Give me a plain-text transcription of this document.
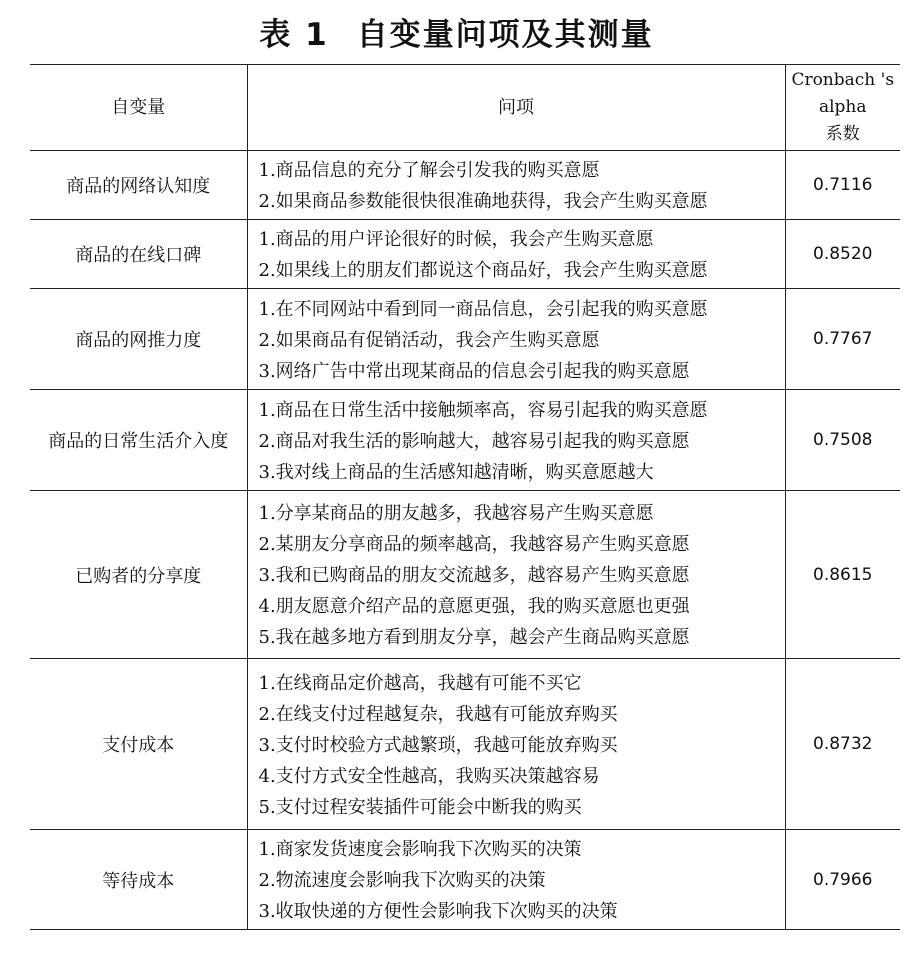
表 1 自变量问项及其测量
自变量	问项	Cronbach 's
alpha
系数

商品的网络认知度	1.商品信息的充分了解会引发我的购买意愿
2.如果商品参数能很快很准确地获得，我会产生购买意愿	0.7116
商品的在线口碑	1.商品的用户评论很好的时候，我会产生购买意愿
2.如果线上的朋友们都说这个商品好，我会产生购买意愿	0.8520
商品的网推力度	1.在不同网站中看到同一商品信息，会引起我的购买意愿
2.如果商品有促销活动，我会产生购买意愿
3.网络广告中常出现某商品的信息会引起我的购买意愿	0.7767
商品的日常生活介入度	1.商品在日常生活中接触频率高，容易引起我的购买意愿
2.商品对我生活的影响越大，越容易引起我的购买意愿
3.我对线上商品的生活感知越清晰，购买意愿越大	0.7508
已购者的分享度	1.分享某商品的朋友越多，我越容易产生购买意愿
2.某朋友分享商品的频率越高，我越容易产生购买意愿
3.我和已购商品的朋友交流越多，越容易产生购买意愿
4.朋友愿意介绍产品的意愿更强，我的购买意愿也更强
5.我在越多地方看到朋友分享，越会产生商品购买意愿	0.8615
支付成本	1.在线商品定价越高，我越有可能不买它
2.在线支付过程越复杂，我越有可能放弃购买
3.支付时校验方式越繁琐，我越可能放弃购买
4.支付方式安全性越高，我购买决策越容易
5.支付过程安装插件可能会中断我的购买	0.8732
等待成本	1.商家发货速度会影响我下次购买的决策
2.物流速度会影响我下次购买的决策
3.收取快递的方便性会影响我下次购买的决策	0.7966
